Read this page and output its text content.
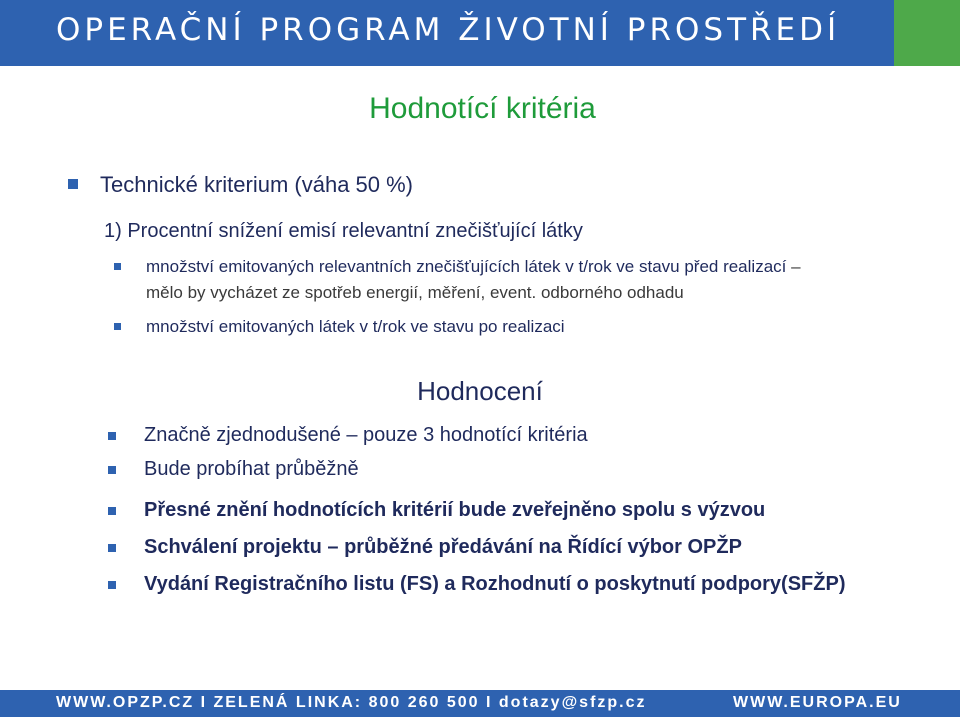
OPERAČNÍ PROGRAM ŽIVOTNÍ PROSTŘEDÍ
Hodnotící kritéria
Technické kriterium (váha 50 %)
1) Procentní snížení emisí relevantní znečišťující látky
množství emitovaných relevantních znečišťujících látek v t/rok ve stavu před realizací – mělo by vycházet ze spotřeb energií, měření, event. odborného odhadu
množství emitovaných látek v t/rok ve stavu po realizaci
Hodnocení
Značně zjednodušené – pouze 3 hodnotící kritéria
Bude probíhat průběžně
Přesné znění hodnotících kritérií bude zveřejněno spolu s výzvou
Schválení projektu – průběžné předávání na Řídící výbor OPŽP
Vydání Registračního listu (FS) a Rozhodnutí o poskytnutí podpory(SFŽP)
WWW.OPZP.CZ I ZELENÁ LINKA: 800 260 500 I dotazy@sfzp.cz	WWW.EUROPA.EU
